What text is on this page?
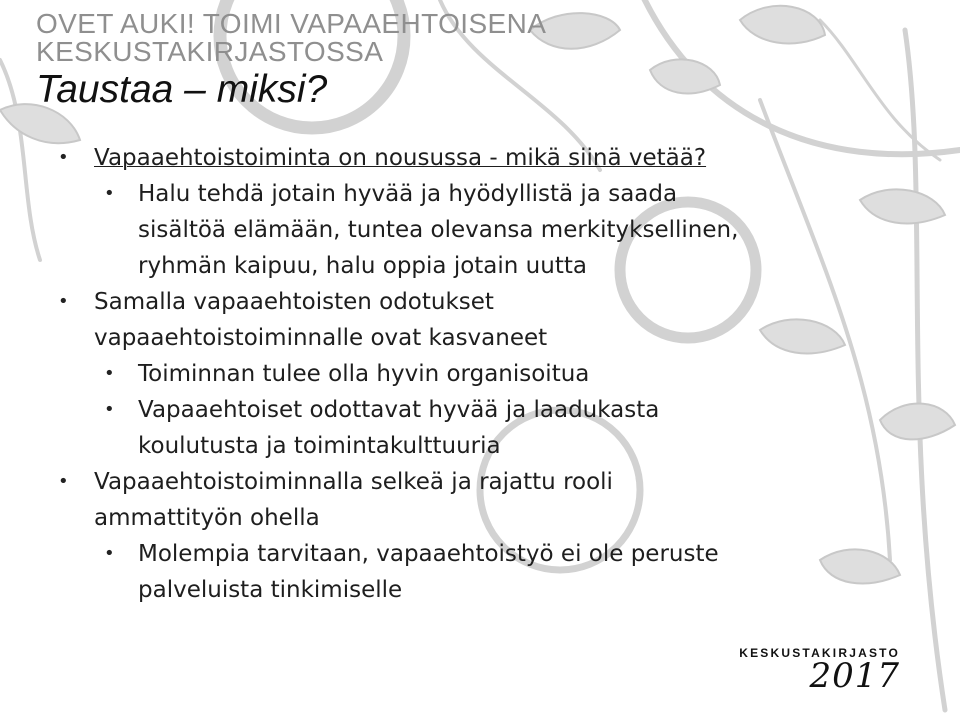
OVET AUKI! TOIMI VAPAAEHTOISENA
KESKUSTAKIRJASTOSSA
Taustaa – miksi?
• Vapaaehtoistoiminta on nousussa - mikä siinä vetää?
• Halu tehdä jotain hyvää ja hyödyllistä ja saada
sisältöä elämään, tuntea olevansa merkityksellinen,
ryhmän kaipuu, halu oppia jotain uutta
• Samalla vapaaehtoisten odotukset
vapaaehtoistoiminnalle ovat kasvaneet
• Toiminnan tulee olla hyvin organisoitua
• Vapaaehtoiset odottavat hyvää ja laadukasta
koulutusta ja toimintakulttuuria
• Vapaaehtoistoiminnalla selkeä ja rajattu rooli
ammattityön ohella
• Molempia tarvitaan, vapaaehtoistyö ei ole peruste
palveluista tinkimiselle
KESKUSTAKIRJASTO
2017
